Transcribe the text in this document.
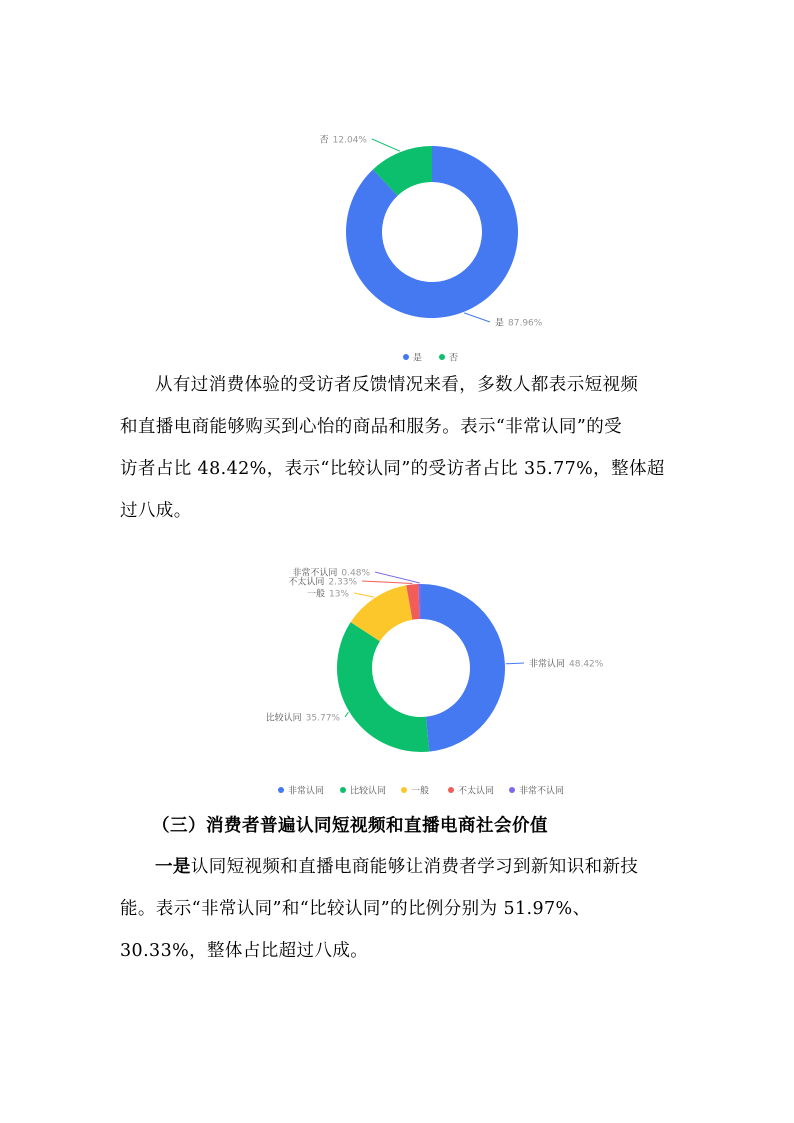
是 87.96%
否 12.04%
是	否
非常认同 48.42%
比较认同 35.77%
一般 13%
不太认同 2.33%
非常不认同 0.48%
非常认同	比较认同	一般	不太认同	非常不认同
从有过消费体验的受访者反馈情况来看，多数人都表示短视频
和直播电商能够购买到心怡的商品和服务。表示“非常认同”的受
访者占比 48.42%，表示“比较认同”的受访者占比 35.77%，整体超
过八成。
（三）消费者普遍认同短视频和直播电商社会价值
一是认同短视频和直播电商能够让消费者学习到新知识和新技
能。表示“非常认同”和“比较认同”的比例分别为 51.97%、
30.33%，整体占比超过八成。
